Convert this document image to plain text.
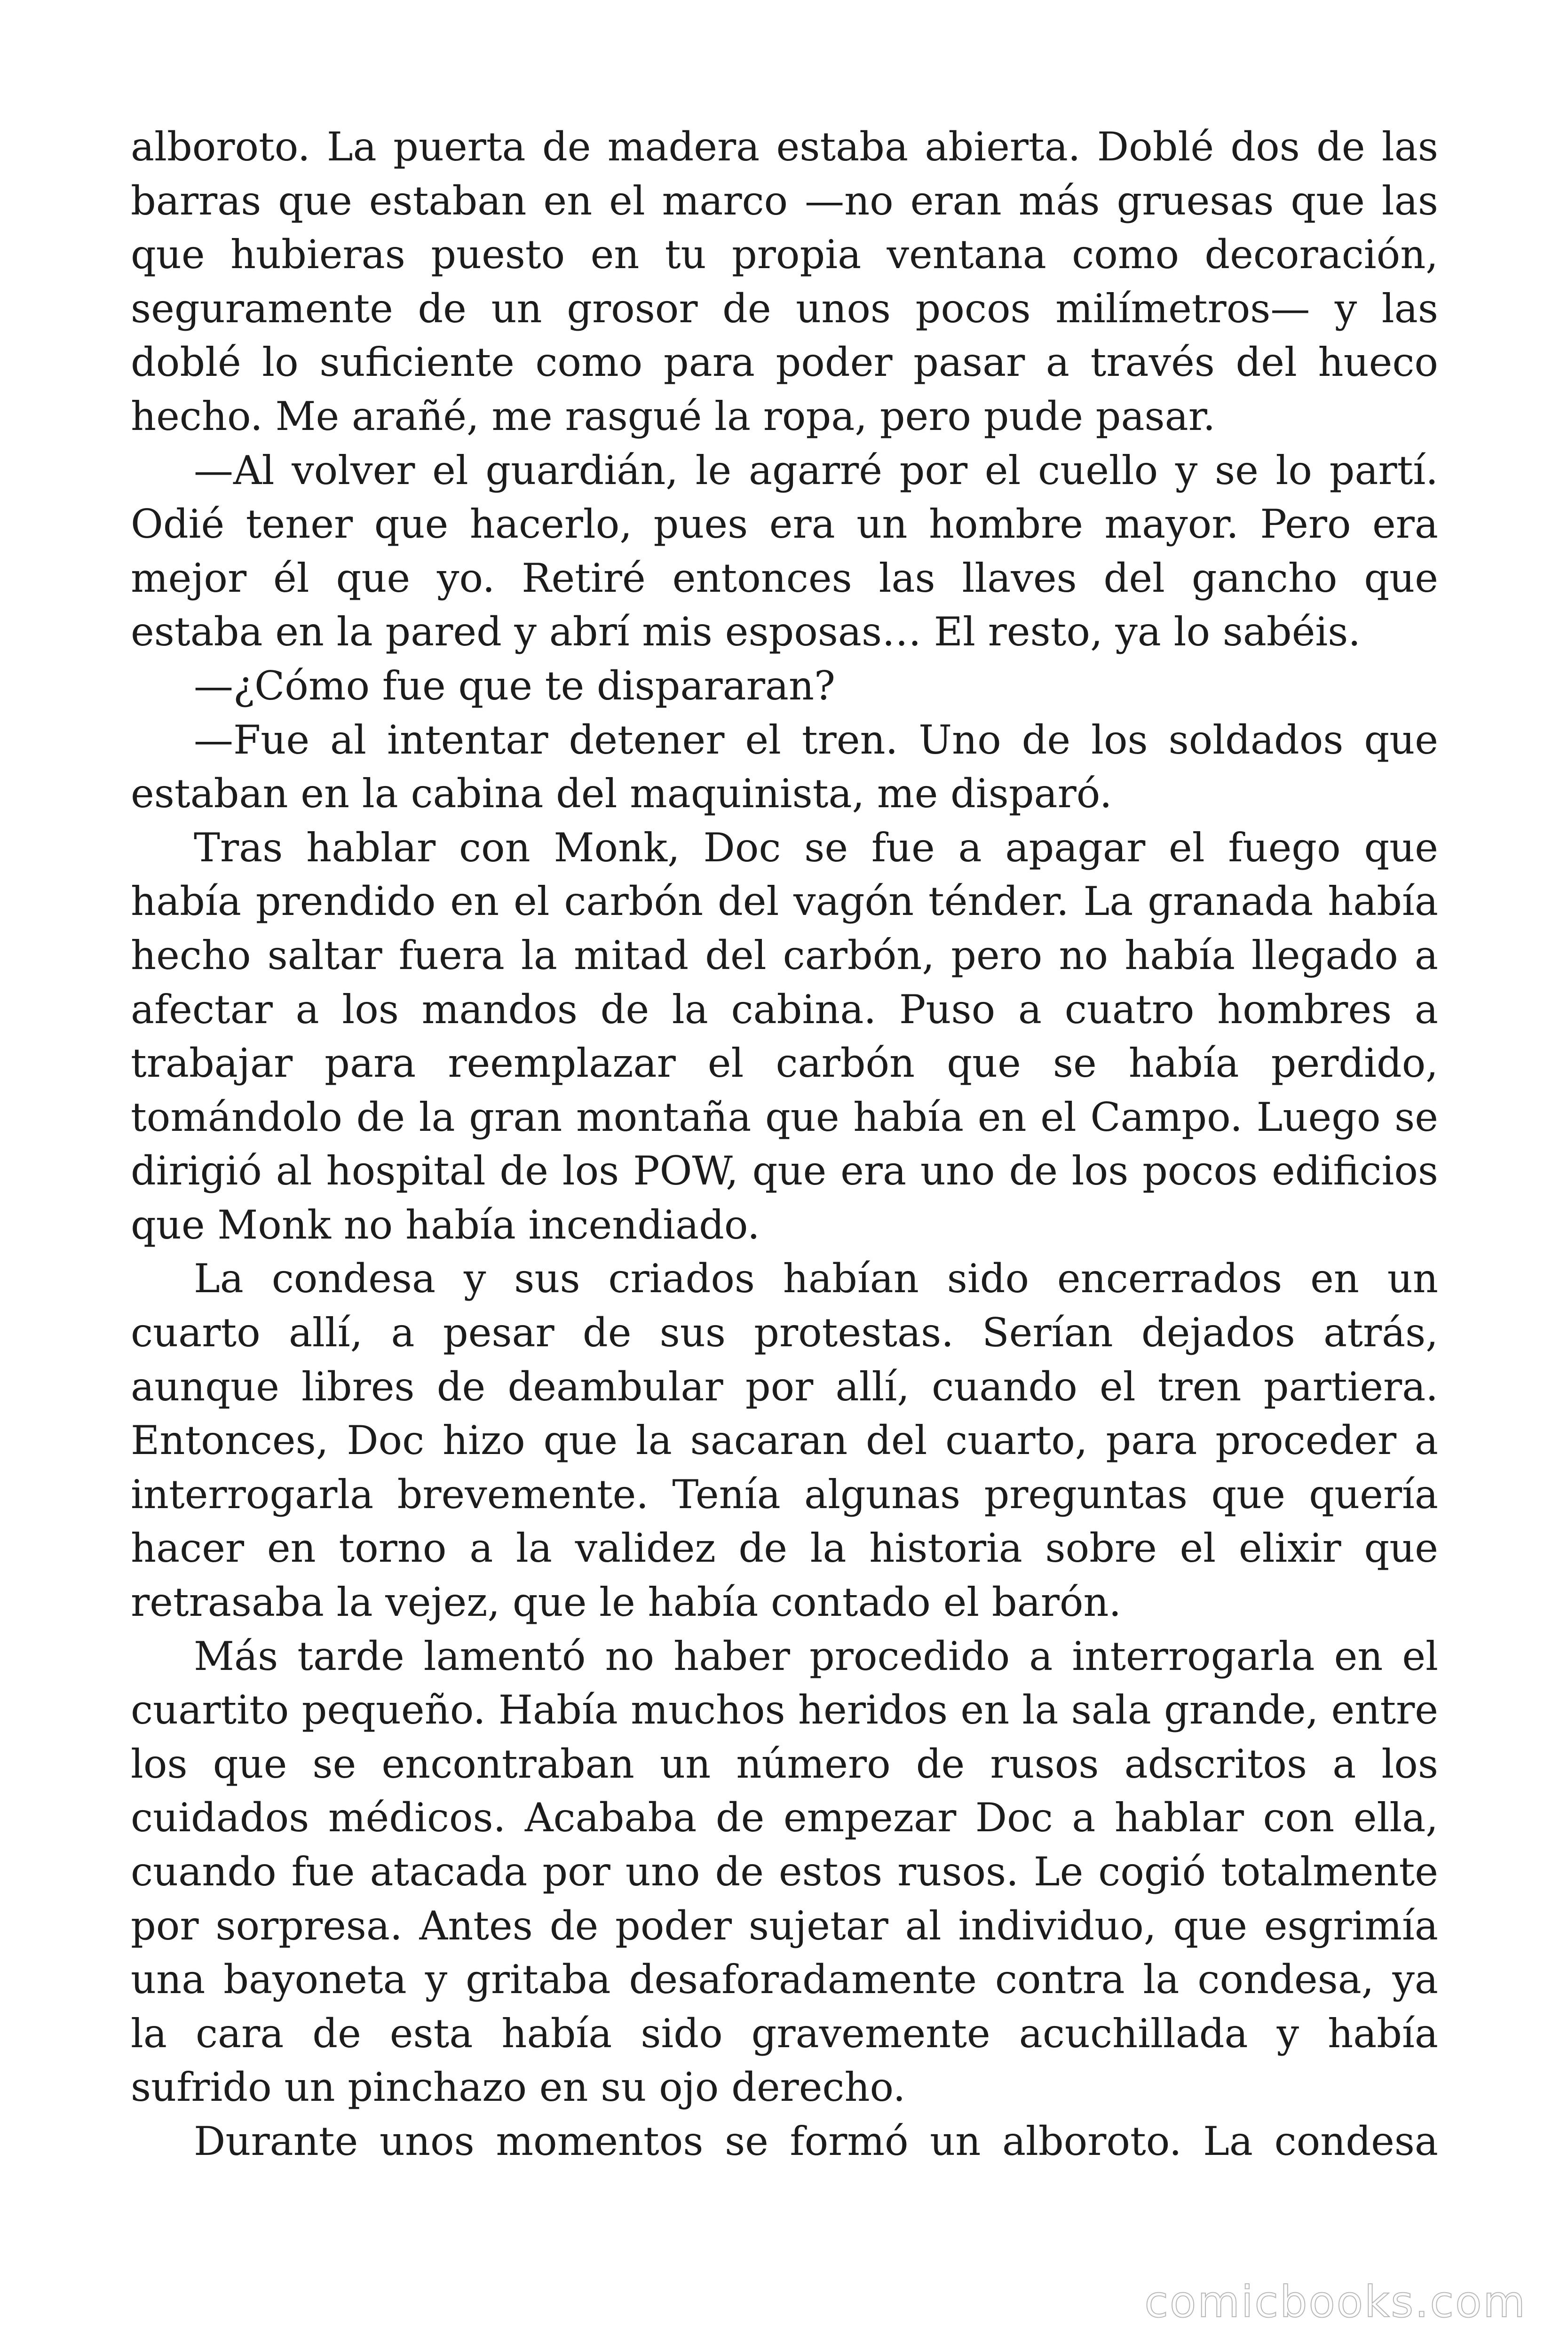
alboroto. La puerta de madera estaba abierta. Doblé dos de las barras que estaban en el marco —no eran más gruesas que las que hubieras puesto en tu propia ventana como decoración, seguramente de un grosor de unos pocos milímetros— y las doblé lo suficiente como para poder pasar a través del hueco hecho. Me arañé, me rasgué la ropa, pero pude pasar.

—Al volver el guardián, le agarré por el cuello y se lo partí. Odié tener que hacerlo, pues era un hombre mayor. Pero era mejor él que yo. Retiré entonces las llaves del gancho que estaba en la pared y abrí mis esposas… El resto, ya lo sabéis.

—¿Cómo fue que te dispararan?

—Fue al intentar detener el tren. Uno de los soldados que estaban en la cabina del maquinista, me disparó.

Tras hablar con Monk, Doc se fue a apagar el fuego que había prendido en el carbón del vagón ténder. La granada había hecho saltar fuera la mitad del carbón, pero no había llegado a afectar a los mandos de la cabina. Puso a cuatro hombres a trabajar para reemplazar el carbón que se había perdido, tomándolo de la gran montaña que había en el Campo. Luego se dirigió al hospital de los POW, que era uno de los pocos edificios que Monk no había incendiado.

La condesa y sus criados habían sido encerrados en un cuarto allí, a pesar de sus protestas. Serían dejados atrás, aunque libres de deambular por allí, cuando el tren partiera. Entonces, Doc hizo que la sacaran del cuarto, para proceder a interrogarla brevemente. Tenía algunas preguntas que quería hacer en torno a la validez de la historia sobre el elixir que retrasaba la vejez, que le había contado el barón.

Más tarde lamentó no haber procedido a interrogarla en el cuartito pequeño. Había muchos heridos en la sala grande, entre los que se encontraban un número de rusos adscritos a los cuidados médicos. Acababa de empezar Doc a hablar con ella, cuando fue atacada por uno de estos rusos. Le cogió totalmente por sorpresa. Antes de poder sujetar al individuo, que esgrimía una bayoneta y gritaba desaforadamente contra la condesa, ya la cara de esta había sido gravemente acuchillada y había sufrido un pinchazo en su ojo derecho.

Durante unos momentos se formó un alboroto. La condesa

comicbooks.com
